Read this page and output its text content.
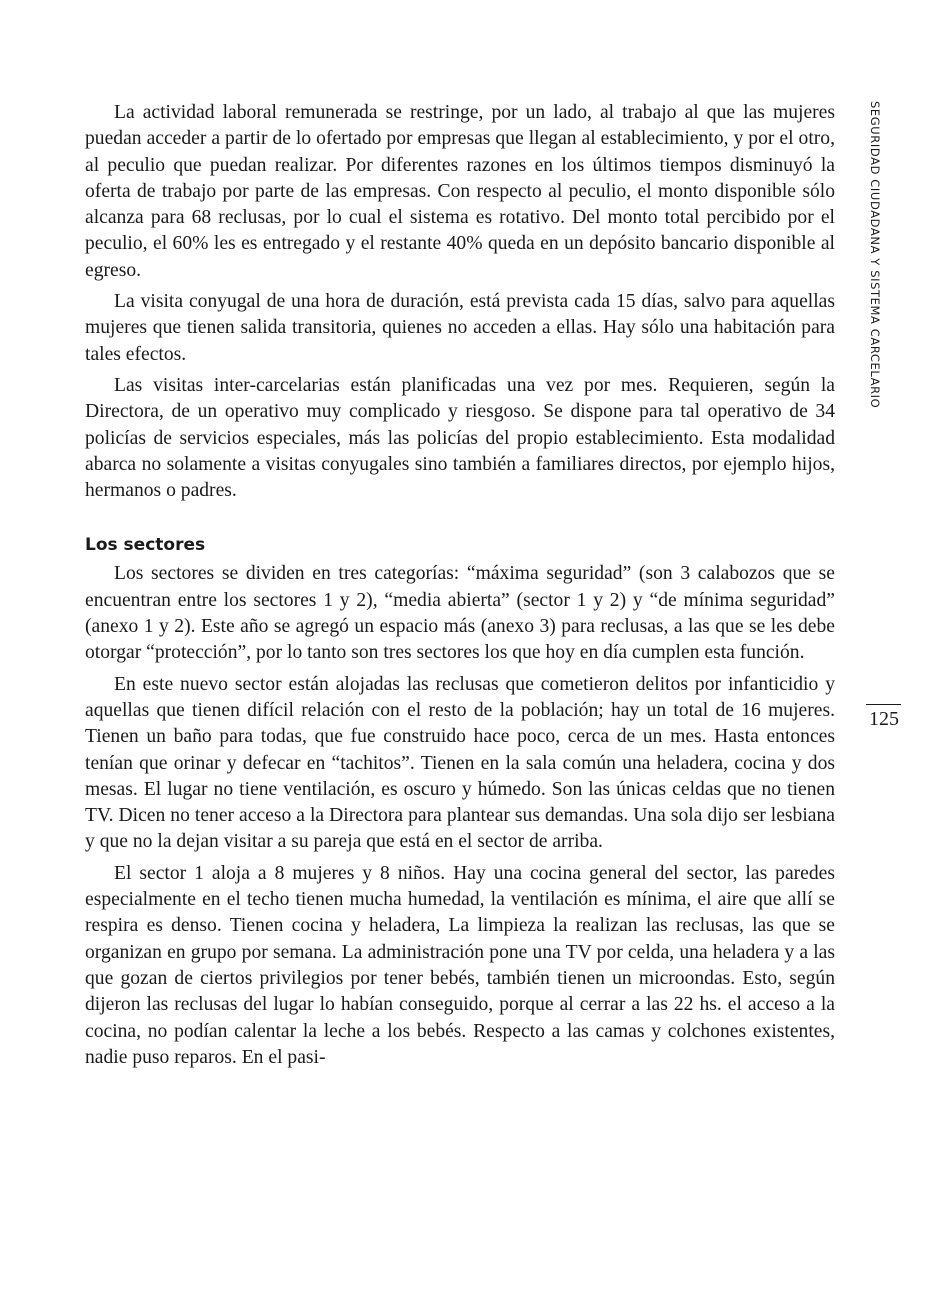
La actividad laboral remunerada se restringe, por un lado, al trabajo al que las mujeres puedan acceder a partir de lo ofertado por empresas que llegan al establecimiento, y por el otro, al peculio que puedan realizar. Por diferentes razones en los últimos tiempos disminuyó la oferta de trabajo por parte de las empresas. Con respecto al peculio, el monto disponible sólo alcanza para 68 reclusas, por lo cual el sistema es rotativo. Del monto total percibido por el peculio, el 60% les es entregado y el restante 40% queda en un depósito bancario disponible al egreso.

La visita conyugal de una hora de duración, está prevista cada 15 días, salvo para aquellas mujeres que tienen salida transitoria, quienes no acceden a ellas. Hay sólo una habitación para tales efectos.

Las visitas inter-carcelarias están planificadas una vez por mes. Requieren, según la Directora, de un operativo muy complicado y riesgoso. Se dispone para tal operativo de 34 policías de servicios especiales, más las policías del propio establecimiento. Esta modalidad abarca no solamente a visitas conyugales sino también a familiares directos, por ejemplo hijos, hermanos o padres.

Los sectores

Los sectores se dividen en tres categorías: “máxima seguridad” (son 3 calabozos que se encuentran entre los sectores 1 y 2), “media abierta” (sector 1 y 2) y “de mínima seguridad” (anexo 1 y 2). Este año se agregó un espacio más (anexo 3) para reclusas, a las que se les debe otorgar “protección”, por lo tanto son tres sectores los que hoy en día cumplen esta función.

En este nuevo sector están alojadas las reclusas que cometieron delitos por infanticidio y aquellas que tienen difícil relación con el resto de la población; hay un total de 16 mujeres. Tienen un baño para todas, que fue construido hace poco, cerca de un mes. Hasta entonces tenían que orinar y defecar en “tachitos”. Tienen en la sala común una heladera, cocina y dos mesas. El lugar no tiene ventilación, es oscuro y húmedo. Son las únicas celdas que no tienen TV. Dicen no tener acceso a la Directora para plantear sus demandas. Una sola dijo ser lesbiana y que no la dejan visitar a su pareja que está en el sector de arriba.

El sector 1 aloja a 8 mujeres y 8 niños. Hay una cocina general del sector, las paredes especialmente en el techo tienen mucha humedad, la ventilación es mínima, el aire que allí se respira es denso. Tienen cocina y heladera, La limpieza la realizan las reclusas, las que se organizan en grupo por semana. La administración pone una TV por celda, una heladera y a las que gozan de ciertos privilegios por tener bebés, también tienen un microondas. Esto, según dijeron las reclusas del lugar lo habían conseguido, porque al cerrar a las 22 hs. el acceso a la cocina, no podían calentar la leche a los bebés. Respecto a las camas y colchones existentes, nadie puso reparos. En el pasi-

SEGURIDAD CIUDADANA Y SISTEMA CARCELARIO
125
